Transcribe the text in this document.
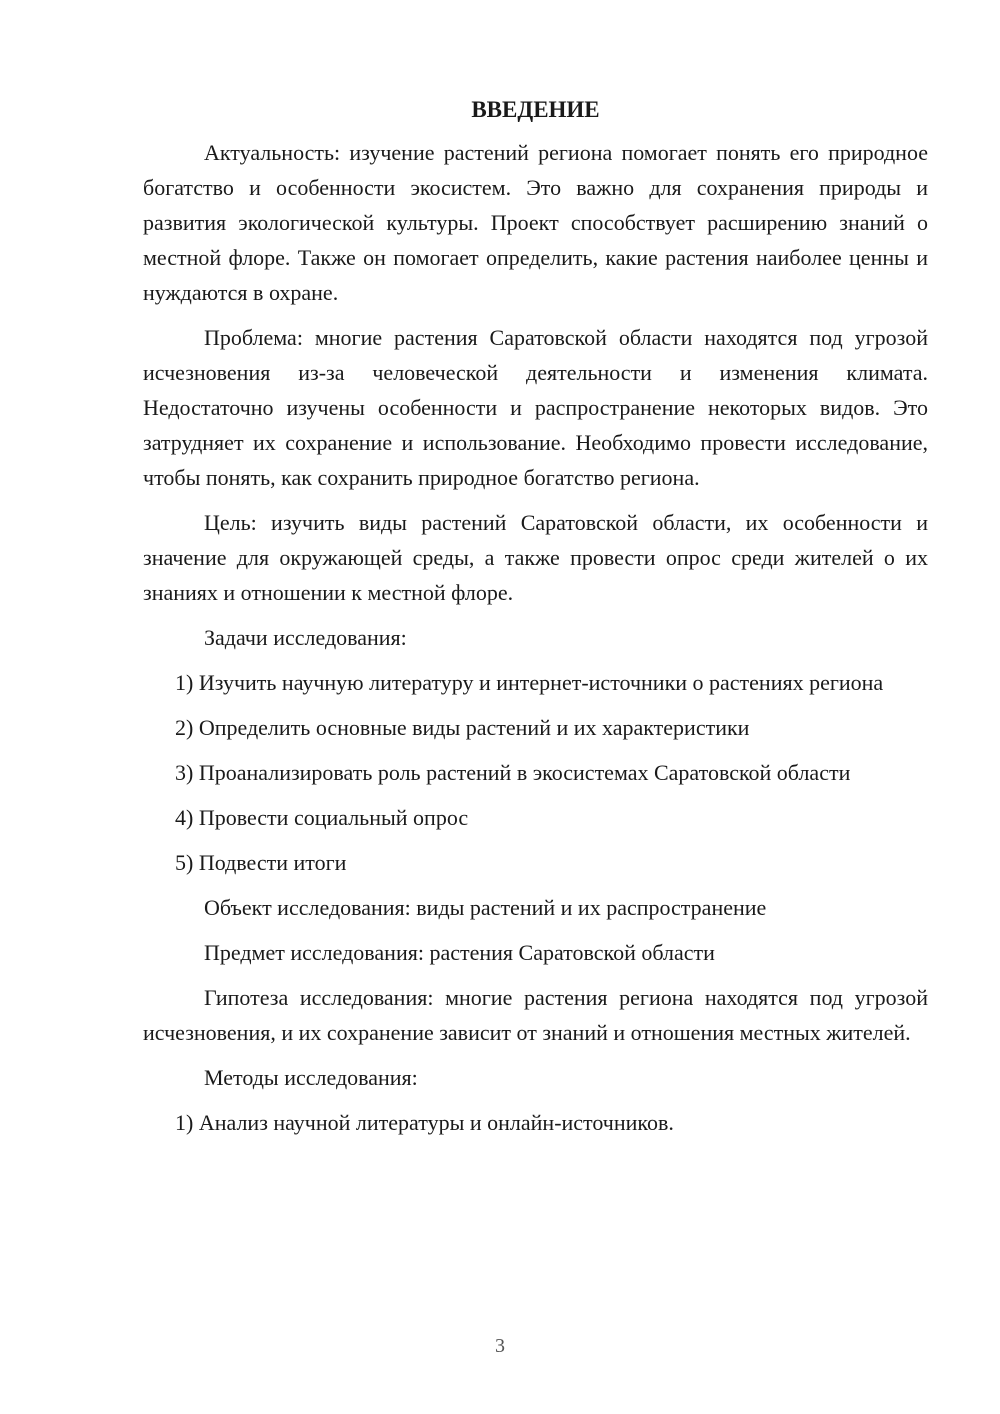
ВВЕДЕНИЕ

Актуальность: изучение растений региона помогает понять его природное богатство и особенности экосистем. Это важно для сохранения природы и развития экологической культуры. Проект способствует расширению знаний о местной флоре. Также он помогает определить, какие растения наиболее ценны и нуждаются в охране.

Проблема: многие растения Саратовской области находятся под угрозой исчезновения из-за человеческой деятельности и изменения климата. Недостаточно изучены особенности и распространение некоторых видов. Это затрудняет их сохранение и использование. Необходимо провести исследование, чтобы понять, как сохранить природное богатство региона.

Цель: изучить виды растений Саратовской области, их особенности и значение для окружающей среды, а также провести опрос среди жителей о их знаниях и отношении к местной флоре.

Задачи исследования:

1) Изучить научную литературу и интернет-источники о растениях региона

2) Определить основные виды растений и их характеристики

3) Проанализировать роль растений в экосистемах Саратовской области

4) Провести социальный опрос

5) Подвести итоги

Объект исследования: виды растений и их распространение

Предмет исследования: растения Саратовской области

Гипотеза исследования: многие растения региона находятся под угрозой исчезновения, и их сохранение зависит от знаний и отношения местных жителей.

Методы исследования:

1) Анализ научной литературы и онлайн-источников.

3
